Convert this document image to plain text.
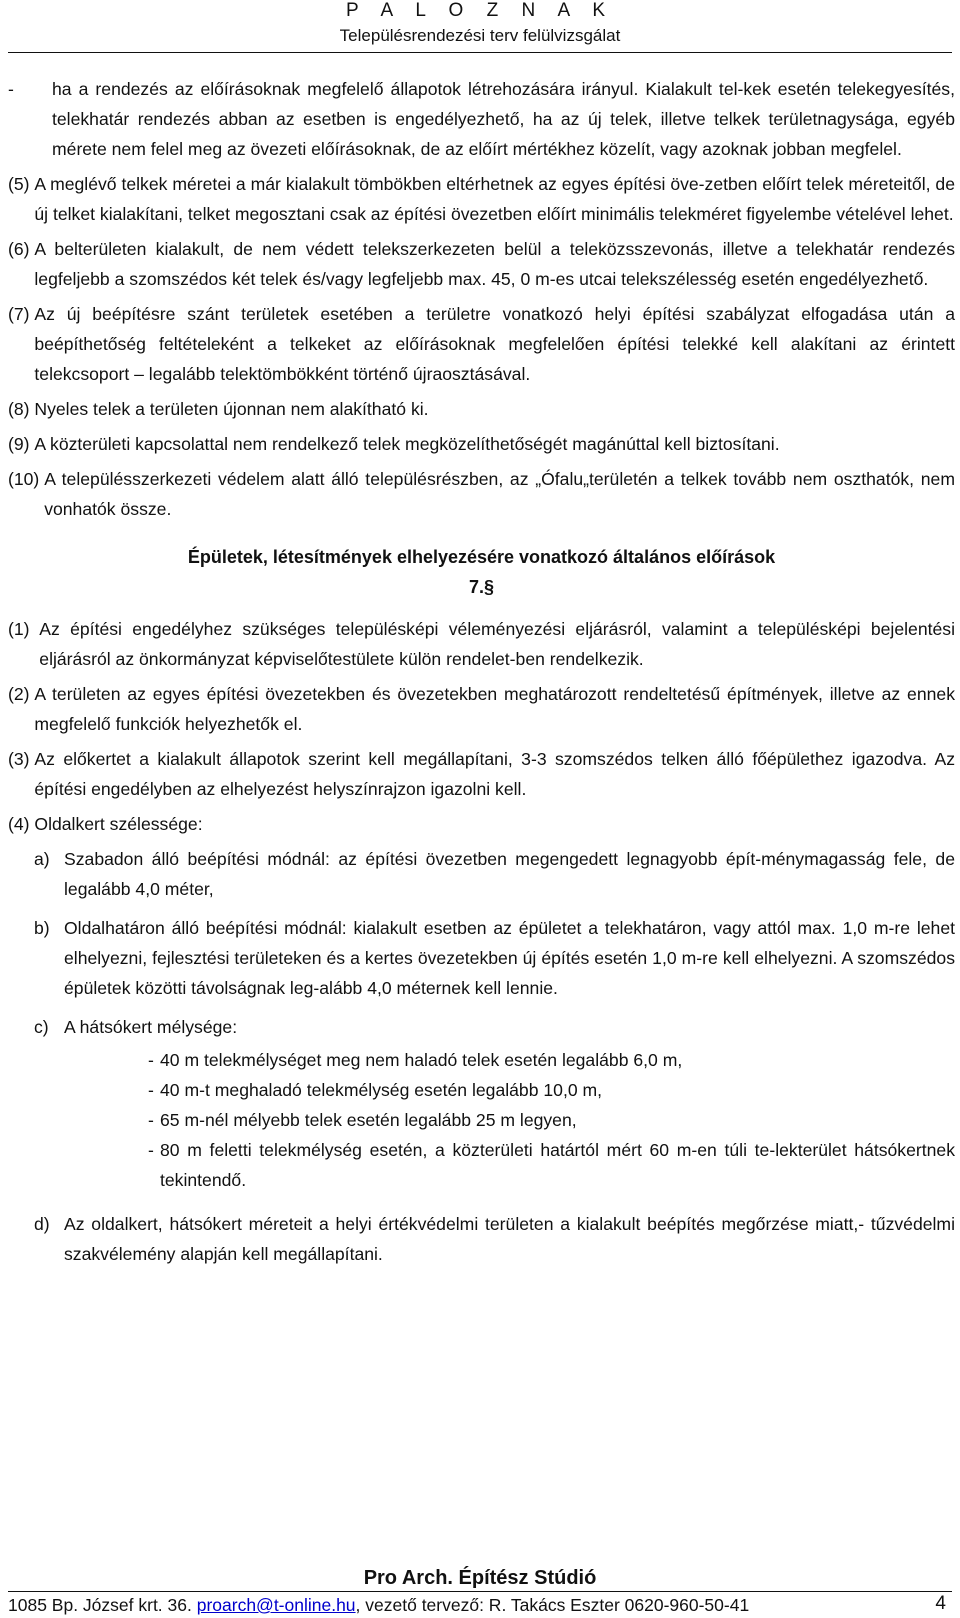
P A L O Z N A K
Településrendezési terv felülvizsgálat
-	ha a rendezés az előírásoknak megfelelő állapotok létrehozására irányul. Kialakult tel-kek esetén telekegyesítés, telekhatár rendezés abban az esetben is engedélyezhető, ha az új telek, illetve telkek területnagysága, egyéb mérete nem felel meg az övezeti előírásoknak, de az előírt mértékhez közelít, vagy azoknak jobban megfelel.
(5) A meglévő telkek méretei a már kialakult tömbökben eltérhetnek az egyes építési öve-zetben előírt telek méreteitől, de új telket kialakítani, telket megosztani csak az építési övezetben előírt minimális telekméret figyelembe vételével lehet.
(6) A belterületen kialakult, de nem védett telekszerkezeten belül a teleközsszevonás, illetve a telekhatár rendezés legfeljebb a szomszédos két telek és/vagy legfeljebb max. 45, 0 m-es utcai telekszélesség esetén engedélyezhető.
(7) Az új beépítésre szánt területek esetében a területre vonatkozó helyi építési szabályzat elfogadása után a beépíthetőség feltételeként a telkeket az előírásoknak megfelelően építési telekké kell alakítani az érintett telekcsoport – legalább telektömbökként történő újraosztásával.
(8) Nyeles telek a területen újonnan nem alakítható ki.
(9) A közterületi kapcsolattal nem rendelkező telek megközelíthetőségét magánúttal kell biztosítani.
(10) A településszerkezeti védelem alatt álló településrészben, az „Ófalu„területén a telkek tovább nem oszthatók, nem vonhatók össze.
Épületek, létesítmények elhelyezésére vonatkozó általános előírások
7.§
(1) Az építési engedélyhez szükséges településképi véleményezési eljárásról, valamint a településképi bejelentési eljárásról az önkormányzat képviselőtestülete külön rendelet-ben rendelkezik.
(2) A területen az egyes építési övezetekben és övezetekben meghatározott rendeltetésű építmények, illetve az ennek megfelelő funkciók helyezhetők el.
(3) Az előkertet a kialakult állapotok szerint kell megállapítani, 3-3 szomszédos telken álló főépülethez igazodva. Az építési engedélyben az elhelyezést helyszínrajzon igazolni kell.
(4) Oldalkert szélessége:
a) Szabadon álló beépítési módnál: az építési övezetben megengedett legnagyobb épít-ménymagasság fele, de legalább 4,0 méter,
b) Oldalhatáron álló beépítési módnál: kialakult esetben az épületet a telekhatáron, vagy attól max. 1,0 m-re lehet elhelyezni, fejlesztési területeken és a kertes övezetekben új építés esetén 1,0 m-re kell elhelyezni. A szomszédos épületek közötti távolságnak leg-alább 4,0 méternek kell lennie.
c) A hátsókert mélysége:
- 40 m telekmélységet meg nem haladó telek esetén legalább 6,0 m,
- 40 m-t meghaladó telekmélység esetén legalább 10,0 m,
- 65 m-nél mélyebb telek esetén legalább 25 m legyen,
- 80 m feletti telekmélység esetén, a közterületi határtól mért 60 m-en túli te-lekterület hátsókertnek tekintendő.
d) Az oldalkert, hátsókert méreteit a helyi értékvédelmi területen a kialakult beépítés megőrzése miatt,- tűzvédelmi szakvélemény alapján kell megállapítani.
Pro Arch. Építész Stúdió
1085 Bp. József krt. 36. proarch@t-online.hu, vezető tervező: R. Takács Eszter 0620-960-50-41	4
